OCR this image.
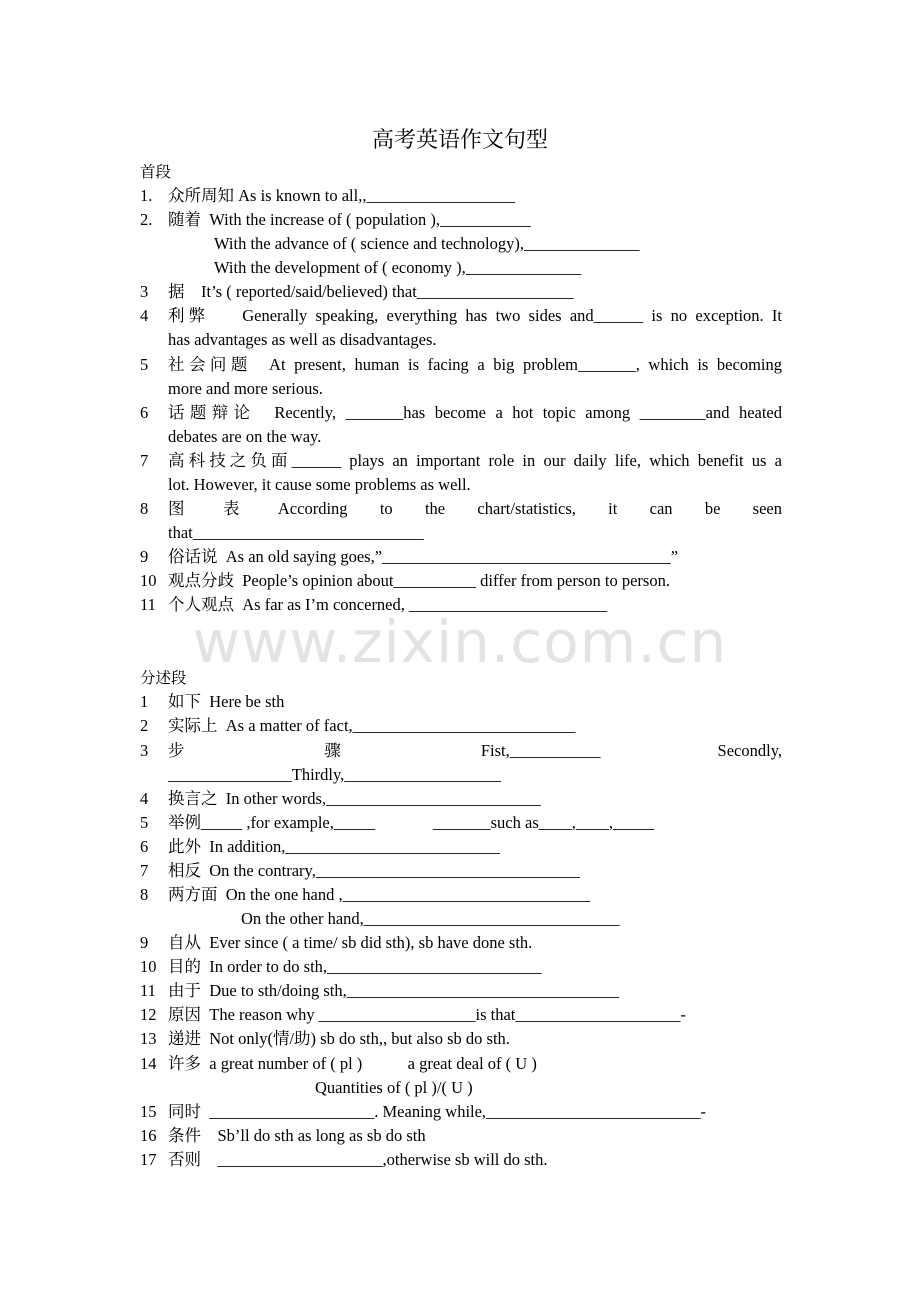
高考英语作文句型
www.zixin.com.cn
首段
1. 众所周知 As is known to all,,__________________
2. 随着  With the increase of ( population ),___________
With the advance of ( science and technology),______________
With the development of ( economy ),______________
3 据    It’s ( reported/said/believed) that___________________
4 利弊    Generally speaking, everything has two sides and______ is no exception. It
has advantages as well as disadvantages.
5 社会问题  At present, human is facing a big problem_______, which is becoming
more and more serious.
6 话题辩论  Recently, _______has become a hot topic among ________and heated
debates are on the way.
7 高科技之负面______ plays an important role in our daily life, which benefit us a
lot. However, it cause some problems as well.
8 图 表 According to the chart/statistics, it can be seen
that____________________________
9 俗话说  As an old saying goes,”___________________________________”
10 观点分歧  People’s opinion about__________ differ from person to person.
11 个人观点  As far as I’m concerned, ________________________
分述段
1 如下  Here be sth
2 实际上  As a matter of fact,___________________________
3 步 骤 Fist,___________ Secondly,
_______________Thirdly,___________________
4 换言之  In other words,__________________________
5 举例_____ ,for example,_____              _______such as____,____,_____
6 此外  In addition,__________________________
7 相反  On the contrary,________________________________
8 两方面  On the one hand ,______________________________
On the other hand,_______________________________
9 自从  Ever since ( a time/ sb did sth), sb have done sth.
10 目的  In order to do sth,__________________________
11 由于  Due to sth/doing sth,_________________________________
12 原因  The reason why ___________________is that____________________-
13 递进  Not only(情/助) sb do sth,, but also sb do sth.
14 许多  a great number of ( pl )           a great deal of ( U )
Quantities of ( pl )/( U )
15 同时  ____________________. Meaning while,__________________________-
16 条件    Sb’ll do sth as long as sb do sth
17 否则    ____________________,otherwise sb will do sth.
